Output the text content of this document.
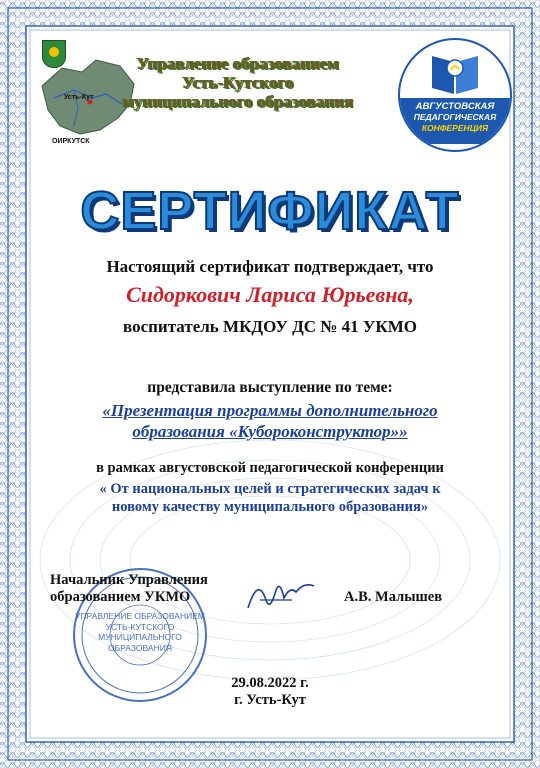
Усть-Кут
ОИРКУТСК
Управление образованием Усть-Кутского муниципального образования	АВГУСТОВСКАЯ
ПЕДАГОГИЧЕСКАЯ
КОНФЕРЕНЦИЯ
СЕРТИФИКАТ
Настоящий сертификат подтверждает, что
Сидоркович Лариса Юрьевна,
воспитатель МКДОУ ДС № 41 УКМО
представила выступление по теме:
«Презентация программы дополнительного
образования «Кубороконструктор»»
в рамках августовской педагогической конференции
« От национальных целей и стратегических задач к
новому качеству муниципального образования»
УПРАВЛЕНИЕ ОБРАЗОВАНИЕМ УСТЬ-КУТСКОГО МУНИЦИПАЛЬНОГО ОБРАЗОВАНИЯ
Начальник Управления
образованием УКМО	А.В. Малышев
29.08.2022 г.
г. Усть-Кут
